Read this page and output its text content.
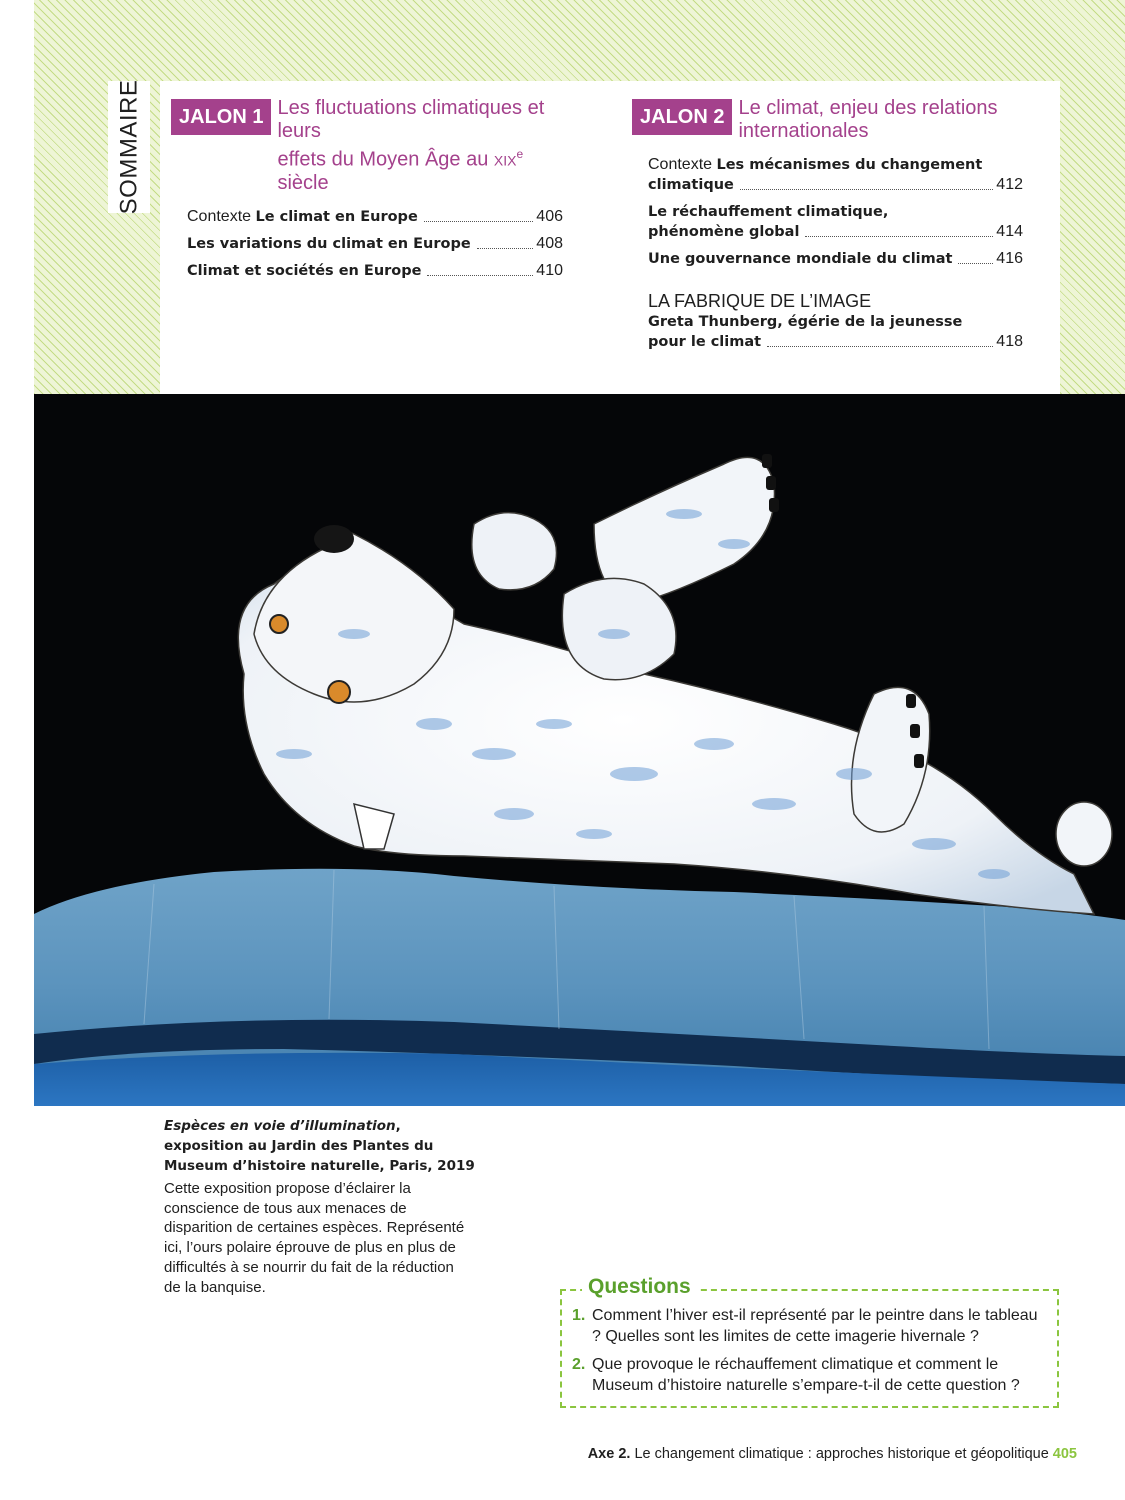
SOMMAIRE	JALON 1 Les fluctuations climatiques et leurs
effets du Moyen Âge au xix$^e$ siècle
Contexte Le climat en Europe	406
Les variations du climat en Europe	408
Climat et sociétés en Europe	410
JALON 2 Le climat, enjeu des relations
internationales
Contexte Les mécanismes du changement
climatique	412
Le réchauffement climatique,
phénomène global	414
Une gouvernance mondiale du climat	416
LA FABRIQUE DE L’IMAGE
Greta Thunberg, égérie de la jeunesse
pour le climat	418
Espèces en voie d’illumination, exposition au Jardin des Plantes du Museum d’histoire naturelle, Paris, 2019
Cette exposition propose d’éclairer la conscience de tous aux menaces de disparition de certaines espèces. Représenté ici, l’ours polaire éprouve de plus en plus de difficultés à se nourrir du fait de la réduction de la banquise.	Questions
1. Comment l’hiver est-il représenté par le peintre dans le tableau ? Quelles sont les limites de cette imagerie hivernale ?
2. Que provoque le réchauffement climatique et comment le Museum d’histoire naturelle s’empare-t-il de cette question ?
Axe 2. Le changement climatique : approches historique et géopolitique 405
